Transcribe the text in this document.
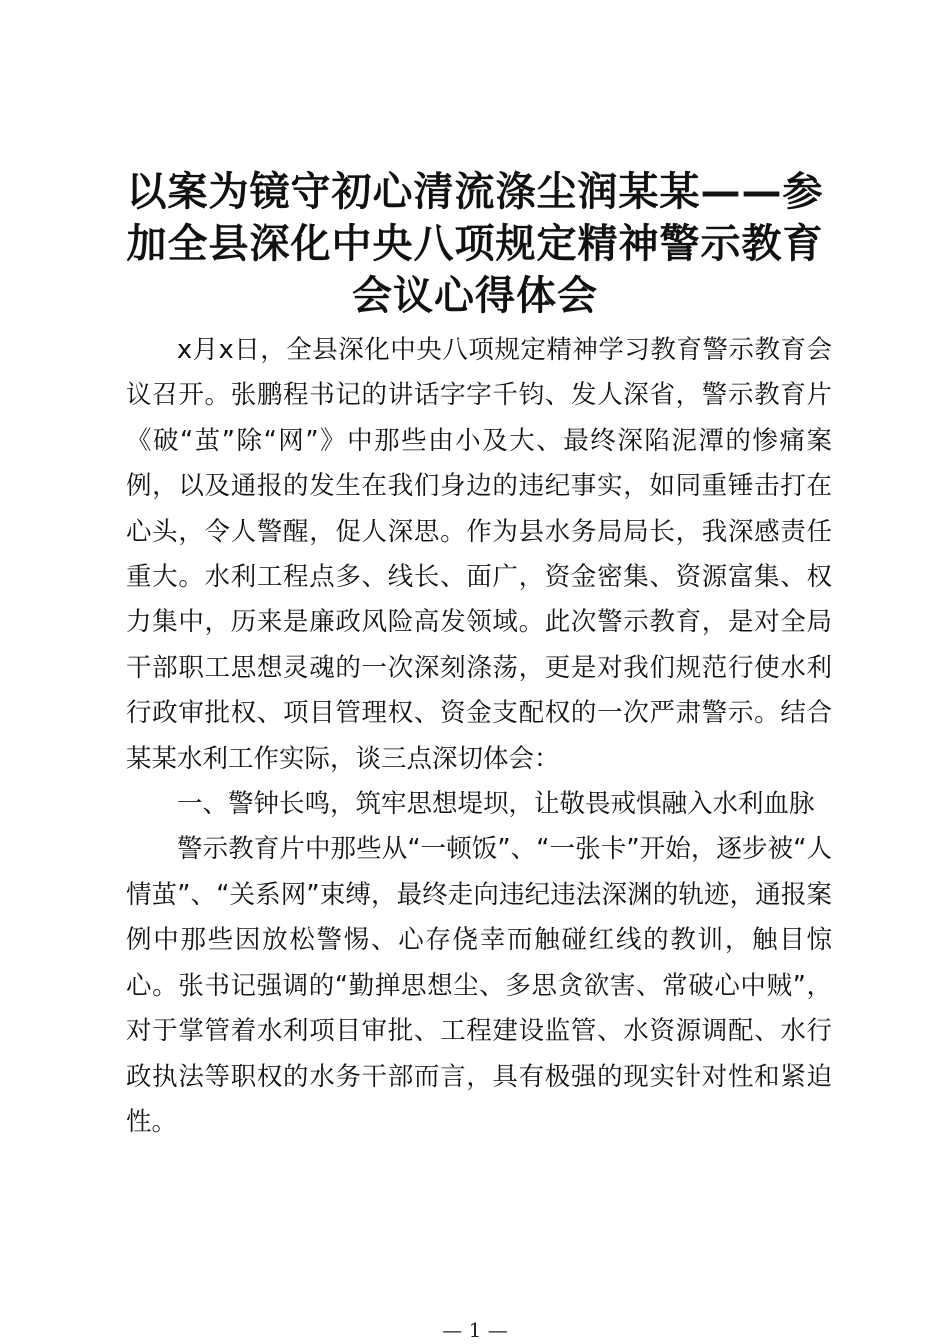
以案为镜守初心清流涤尘润某某——参加全县深化中央八项规定精神警示教育会议心得体会

x月x日，全县深化中央八项规定精神学习教育警示教育会议召开。张鹏程书记的讲话字字千钧、发人深省，警示教育片《破“茧”除“网”》中那些由小及大、最终深陷泥潭的惨痛案例，以及通报的发生在我们身边的违纪事实，如同重锤击打在心头，令人警醒，促人深思。作为县水务局局长，我深感责任重大。水利工程点多、线长、面广，资金密集、资源富集、权力集中，历来是廉政风险高发领域。此次警示教育，是对全局干部职工思想灵魂的一次深刻涤荡，更是对我们规范行使水利行政审批权、项目管理权、资金支配权的一次严肃警示。结合某某水利工作实际，谈三点深切体会：

一、警钟长鸣，筑牢思想堤坝，让敬畏戒惧融入水利血脉

警示教育片中那些从“一顿饭”、“一张卡”开始，逐步被“人情茧”、“关系网”束缚，最终走向违纪违法深渊的轨迹，通报案例中那些因放松警惕、心存侥幸而触碰红线的教训，触目惊心。张书记强调的“勤掸思想尘、多思贪欲害、常破心中贼”，对于掌管着水利项目审批、工程建设监管、水资源调配、水行政执法等职权的水务干部而言，具有极强的现实针对性和紧迫性。

— 1 —
